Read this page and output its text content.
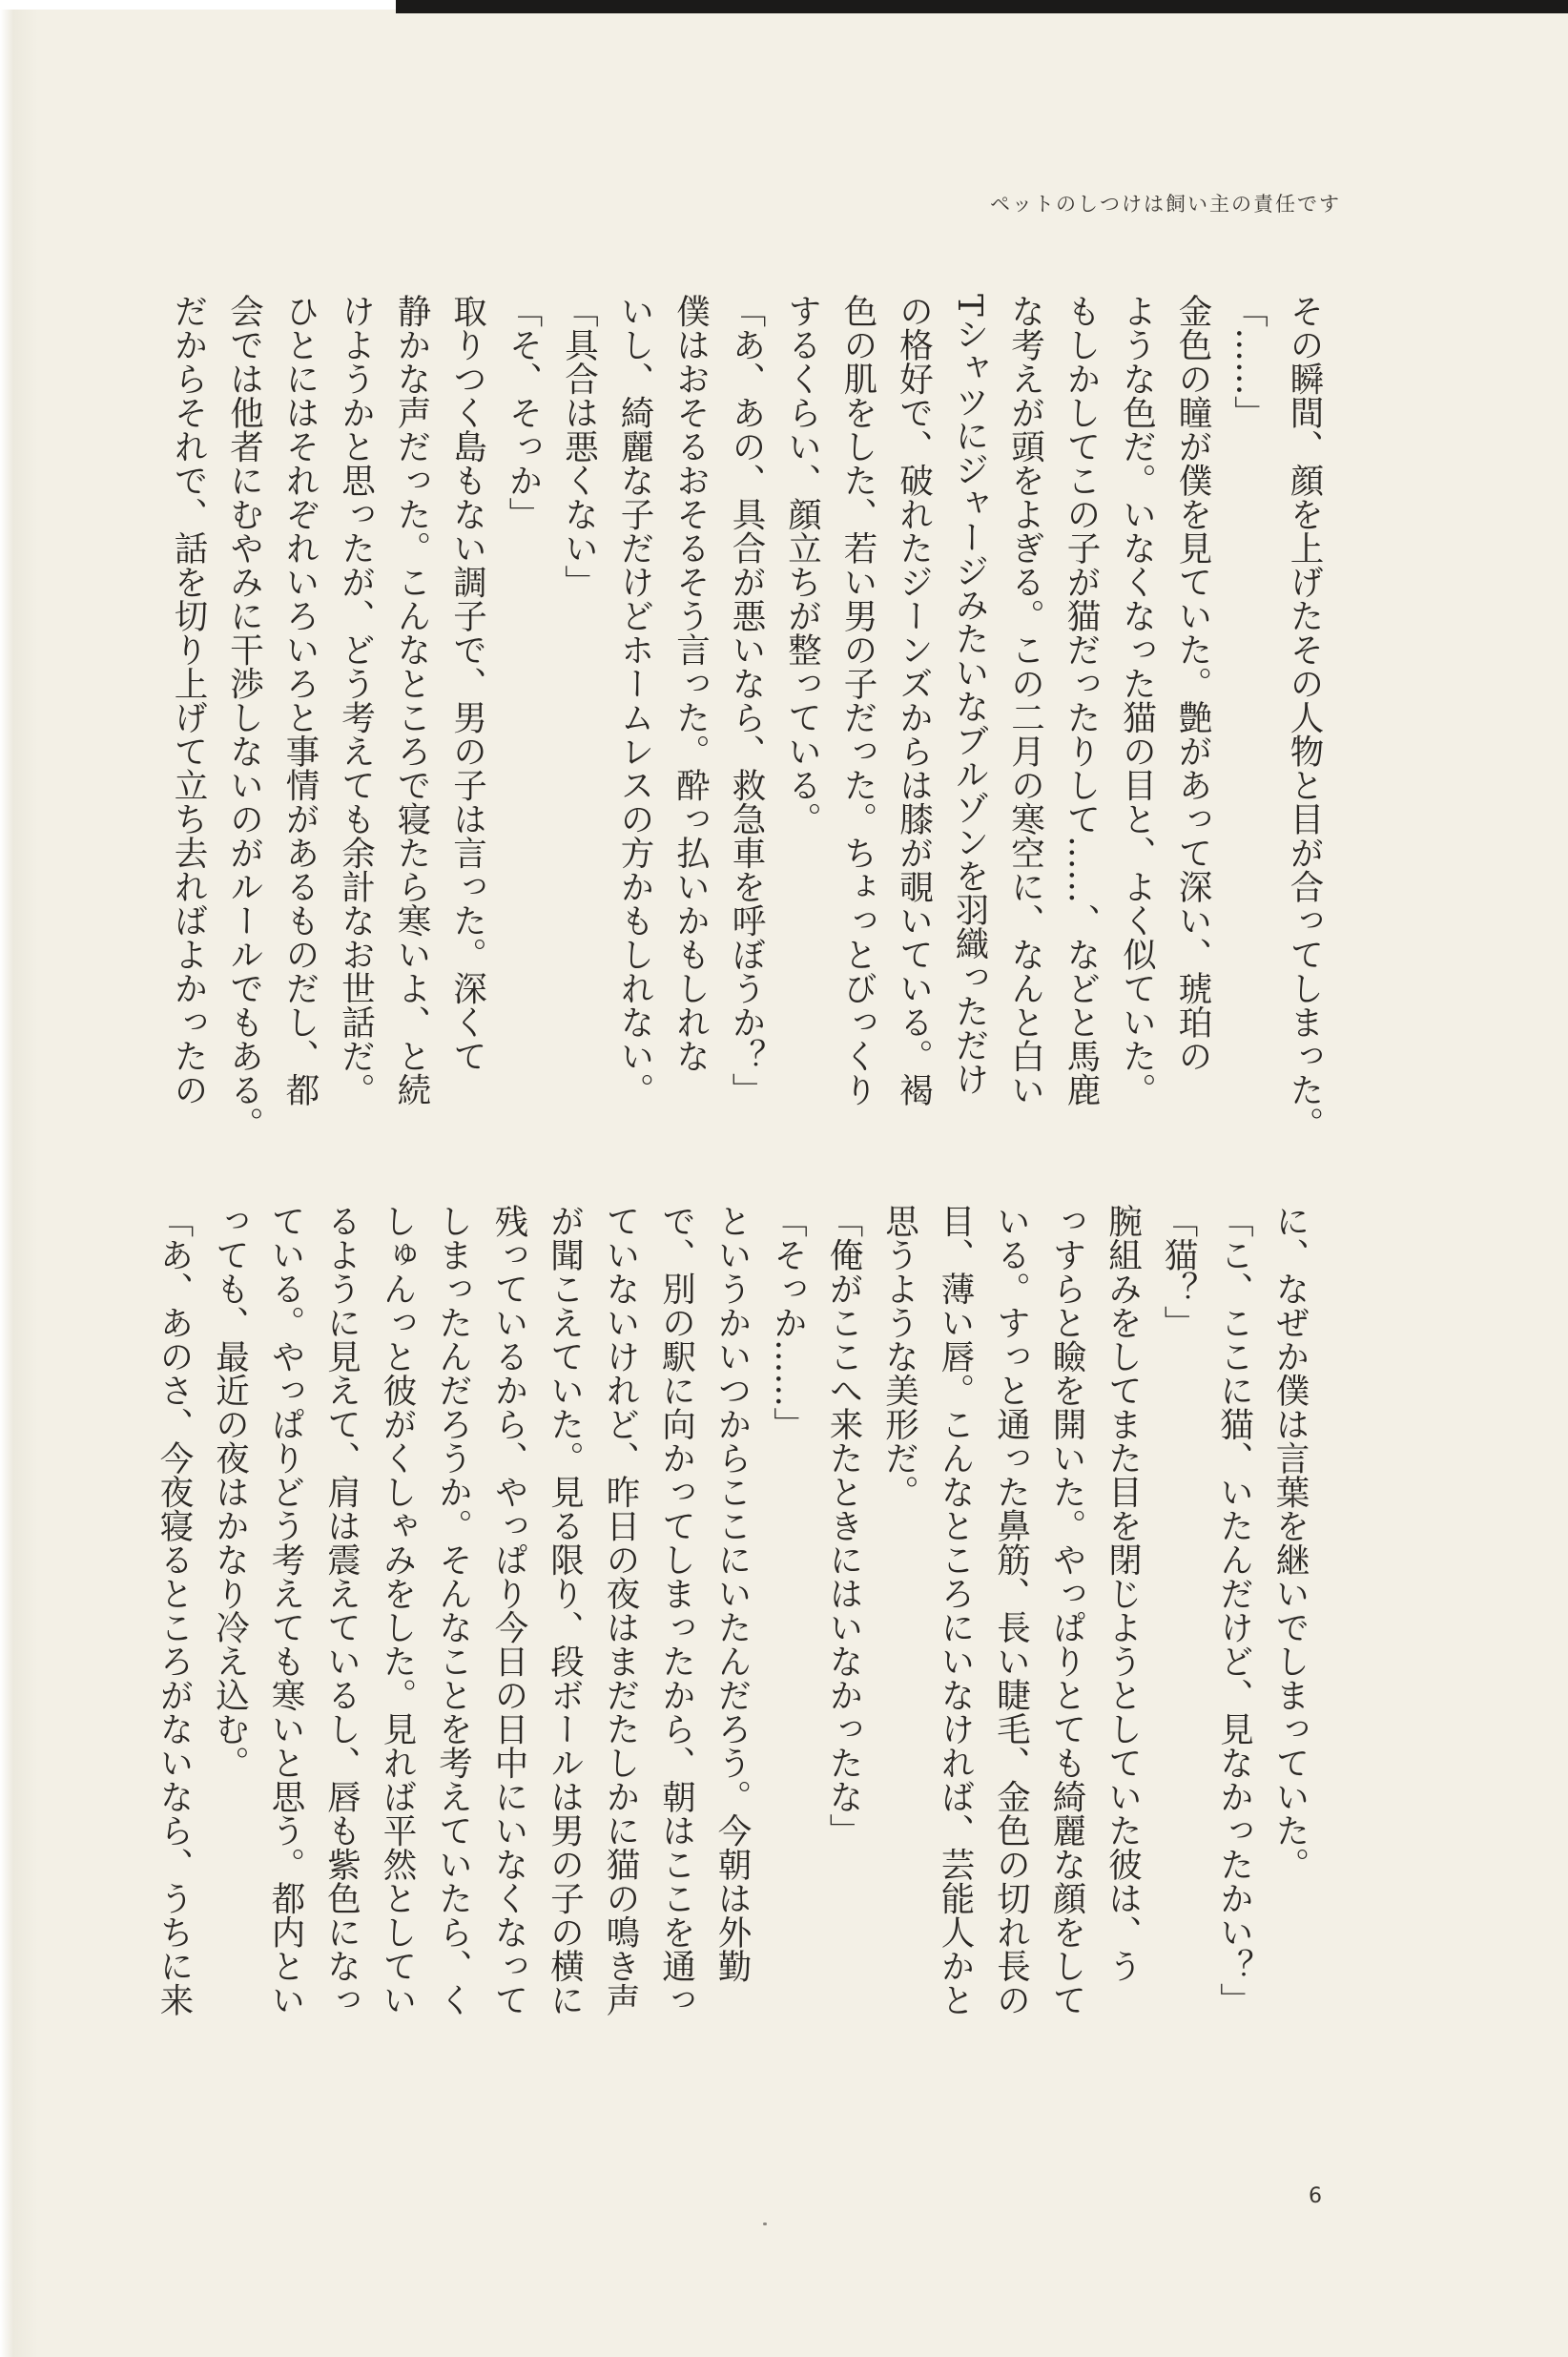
ペットのしつけは飼い主の責任です
その瞬間、顔を上げたその人物と目が合ってしまった。
「……」
金色の瞳が僕を見ていた。艶があって深い、琥珀の
ような色だ。いなくなった猫の目と、よく似ていた。
もしかしてこの子が猫だったりして……、などと馬鹿
な考えが頭をよぎる。この二月の寒空に、なんと白い
Tシャツにジャージみたいなブルゾンを羽織っただけ
の格好で、破れたジーンズからは膝が覗いている。褐
色の肌をした、若い男の子だった。ちょっとびっくり
するくらい、顔立ちが整っている。
「あ、あの、具合が悪いなら、救急車を呼ぼうか？」
僕はおそるおそるそう言った。酔っ払いかもしれな
いし、綺麗な子だけどホームレスの方かもしれない。
「具合は悪くない」
「そ、そっか」
取りつく島もない調子で、男の子は言った。深くて
静かな声だった。こんなところで寝たら寒いよ、と続
けようかと思ったが、どう考えても余計なお世話だ。
ひとにはそれぞれいろいろと事情があるものだし、都
会では他者にむやみに干渉しないのがルールでもある。
だからそれで、話を切り上げて立ち去ればよかったの
に、なぜか僕は言葉を継いでしまっていた。
「こ、ここに猫、いたんだけど、見なかったかい？」
「猫？」
腕組みをしてまた目を閉じようとしていた彼は、う
っすらと瞼を開いた。やっぱりとても綺麗な顔をして
いる。すっと通った鼻筋、長い睫毛、金色の切れ長の
目、薄い唇。こんなところにいなければ、芸能人かと
思うような美形だ。
「俺がここへ来たときにはいなかったな」
「そっか……」
というかいつからここにいたんだろう。今朝は外勤
で、別の駅に向かってしまったから、朝はここを通っ
ていないけれど、昨日の夜はまだたしかに猫の鳴き声
が聞こえていた。見る限り、段ボールは男の子の横に
残っているから、やっぱり今日の日中にいなくなって
しまったんだろうか。そんなことを考えていたら、く
しゅんっと彼がくしゃみをした。見れば平然としてい
るように見えて、肩は震えているし、唇も紫色になっ
ている。やっぱりどう考えても寒いと思う。都内とい
っても、最近の夜はかなり冷え込む。
「あ、あのさ、今夜寝るところがないなら、うちに来
6
